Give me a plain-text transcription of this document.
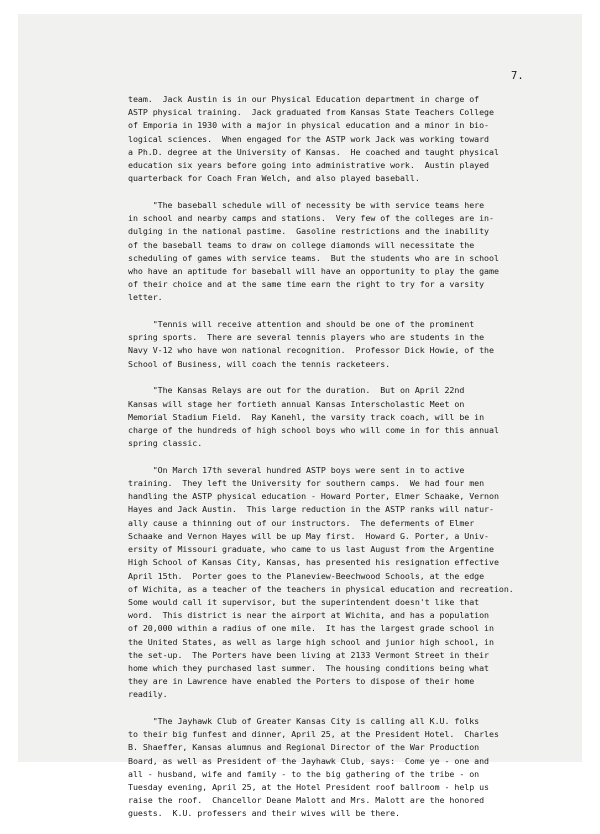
7.
team.  Jack Austin is in our Physical Education department in charge of
ASTP physical training.  Jack graduated from Kansas State Teachers College
of Emporia in 1930 with a major in physical education and a minor in bio-
logical sciences.  When engaged for the ASTP work Jack was working toward
a Ph.D. degree at the University of Kansas.  He coached and taught physical
education six years before going into administrative work.  Austin played
quarterback for Coach Fran Welch, and also played baseball.
"The baseball schedule will of necessity be with service teams here
in school and nearby camps and stations.  Very few of the colleges are in-
dulging in the national pastime.  Gasoline restrictions and the inability
of the baseball teams to draw on college diamonds will necessitate the
scheduling of games with service teams.  But the students who are in school
who have an aptitude for baseball will have an opportunity to play the game
of their choice and at the same time earn the right to try for a varsity
letter.
"Tennis will receive attention and should be one of the prominent
spring sports.  There are several tennis players who are students in the
Navy V-12 who have won national recognition.  Professor Dick Howie, of the
School of Business, will coach the tennis racketeers.
"The Kansas Relays are out for the duration.  But on April 22nd
Kansas will stage her fortieth annual Kansas Interscholastic Meet on
Memorial Stadium Field.  Ray Kanehl, the varsity track coach, will be in
charge of the hundreds of high school boys who will come in for this annual
spring classic.
"On March 17th several hundred ASTP boys were sent in to active
training.  They left the University for southern camps.  We had four men
handling the ASTP physical education - Howard Porter, Elmer Schaake, Vernon
Hayes and Jack Austin.  This large reduction in the ASTP ranks will natur-
ally cause a thinning out of our instructors.  The deferments of Elmer
Schaake and Vernon Hayes will be up May first.  Howard G. Porter, a Univ-
ersity of Missouri graduate, who came to us last August from the Argentine
High School of Kansas City, Kansas, has presented his resignation effective
April 15th.  Porter goes to the Planeview-Beechwood Schools, at the edge
of Wichita, as a teacher of the teachers in physical education and recreation.
Some would call it supervisor, but the superintendent doesn't like that
word.  This district is near the airport at Wichita, and has a population
of 20,000 within a radius of one mile.  It has the largest grade school in
the United States, as well as large high school and junior high school, in
the set-up.  The Porters have been living at 2133 Vermont Street in their
home which they purchased last summer.  The housing conditions being what
they are in Lawrence have enabled the Porters to dispose of their home
readily.
"The Jayhawk Club of Greater Kansas City is calling all K.U. folks
to their big funfest and dinner, April 25, at the President Hotel.  Charles
B. Shaeffer, Kansas alumnus and Regional Director of the War Production
Board, as well as President of the Jayhawk Club, says:  Come ye - one and
all - husband, wife and family - to the big gathering of the tribe - on
Tuesday evening, April 25, at the Hotel President roof ballroom - help us
raise the roof.  Chancellor Deane Malott and Mrs. Malott are the honored
guests.  K.U. professers and their wives will be there.
